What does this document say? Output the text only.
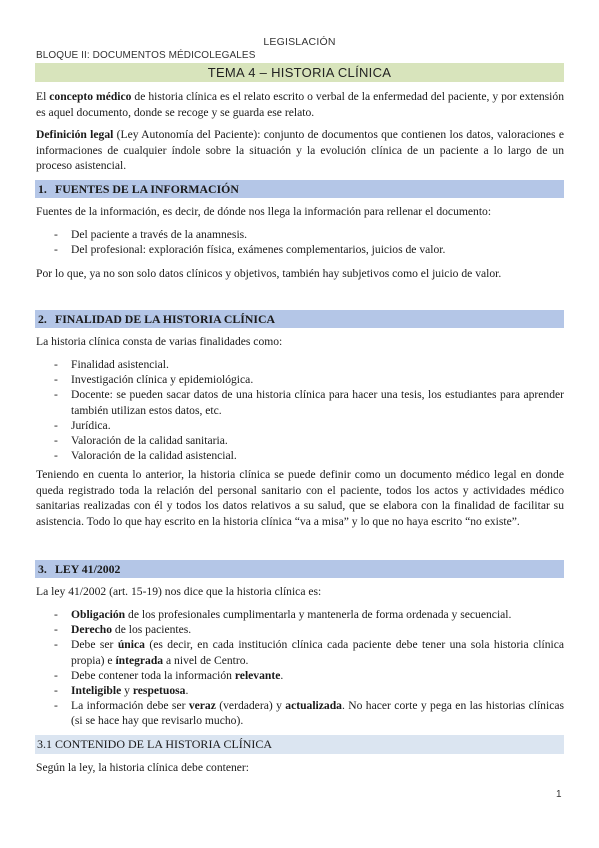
LEGISLACIÓN
BLOQUE II: DOCUMENTOS MÉDICOLEGALES
TEMA 4 – HISTORIA CLÍNICA

El concepto médico de historia clínica es el relato escrito o verbal de la enfermedad del paciente, y por extensión es aquel documento, donde se recoge y se guarda ese relato.

Definición legal (Ley Autonomía del Paciente): conjunto de documentos que contienen los datos, valoraciones e informaciones de cualquier índole sobre la situación y la evolución clínica de un paciente a lo largo de un proceso asistencial.

1. FUENTES DE LA INFORMACIÓN

Fuentes de la información, es decir, de dónde nos llega la información para rellenar el documento:

- Del paciente a través de la anamnesis.
- Del profesional: exploración física, exámenes complementarios, juicios de valor.

Por lo que, ya no son solo datos clínicos y objetivos, también hay subjetivos como el juicio de valor.

2. FINALIDAD DE LA HISTORIA CLÍNICA

La historia clínica consta de varias finalidades como:

- Finalidad asistencial.
- Investigación clínica y epidemiológica.
- Docente: se pueden sacar datos de una historia clínica para hacer una tesis, los estudiantes para aprender también utilizan estos datos, etc.
- Jurídica.
- Valoración de la calidad sanitaria.
- Valoración de la calidad asistencial.

Teniendo en cuenta lo anterior, la historia clínica se puede definir como un documento médico legal en donde queda registrado toda la relación del personal sanitario con el paciente, todos los actos y actividades médico sanitarias realizadas con él y todos los datos relativos a su salud, que se elabora con la finalidad de facilitar su asistencia. Todo lo que hay escrito en la historia clínica “va a misa” y lo que no haya escrito “no existe”.

3. LEY 41/2002

La ley 41/2002 (art. 15-19) nos dice que la historia clínica es:

- Obligación de los profesionales cumplimentarla y mantenerla de forma ordenada y secuencial.
- Derecho de los pacientes.
- Debe ser única (es decir, en cada institución clínica cada paciente debe tener una sola historia clínica propia) e íntegrada a nivel de Centro.
- Debe contener toda la información relevante.
- Inteligible y respetuosa.
- La información debe ser veraz (verdadera) y actualizada. No hacer corte y pega en las historias clínicas (si se hace hay que revisarlo mucho).
3.1 CONTENIDO DE LA HISTORIA CLÍNICA

Según la ley, la historia clínica debe contener:

1
